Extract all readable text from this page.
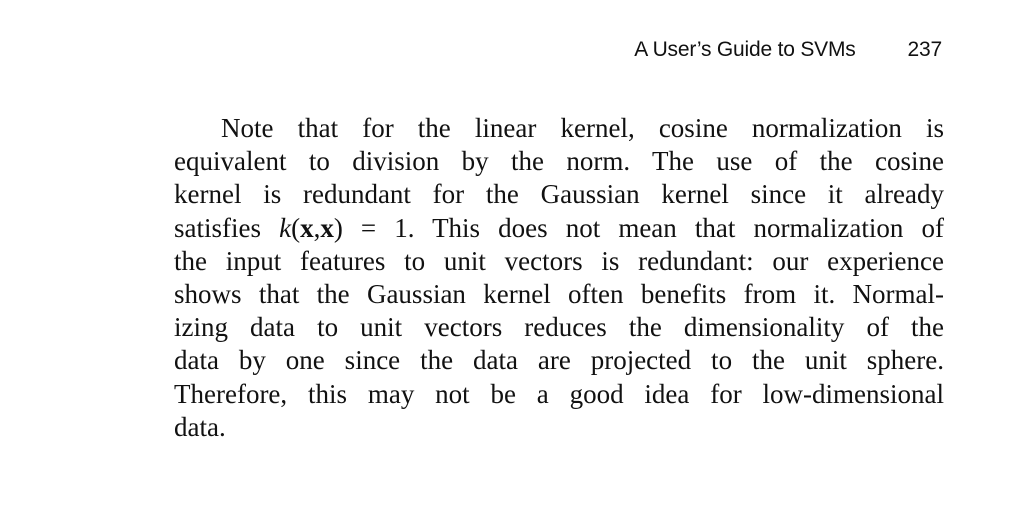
A User’s Guide to SVMs 237
Note that for the linear kernel, cosine normalization is
equivalent to division by the norm. The use of the cosine
kernel is redundant for the Gaussian kernel since it already
satisfies k(x,x) = 1. This does not mean that normalization of
the input features to unit vectors is redundant: our experience
shows that the Gaussian kernel often benefits from it. Normal-
izing data to unit vectors reduces the dimensionality of the
data by one since the data are projected to the unit sphere.
Therefore, this may not be a good idea for low-dimensional
data.
